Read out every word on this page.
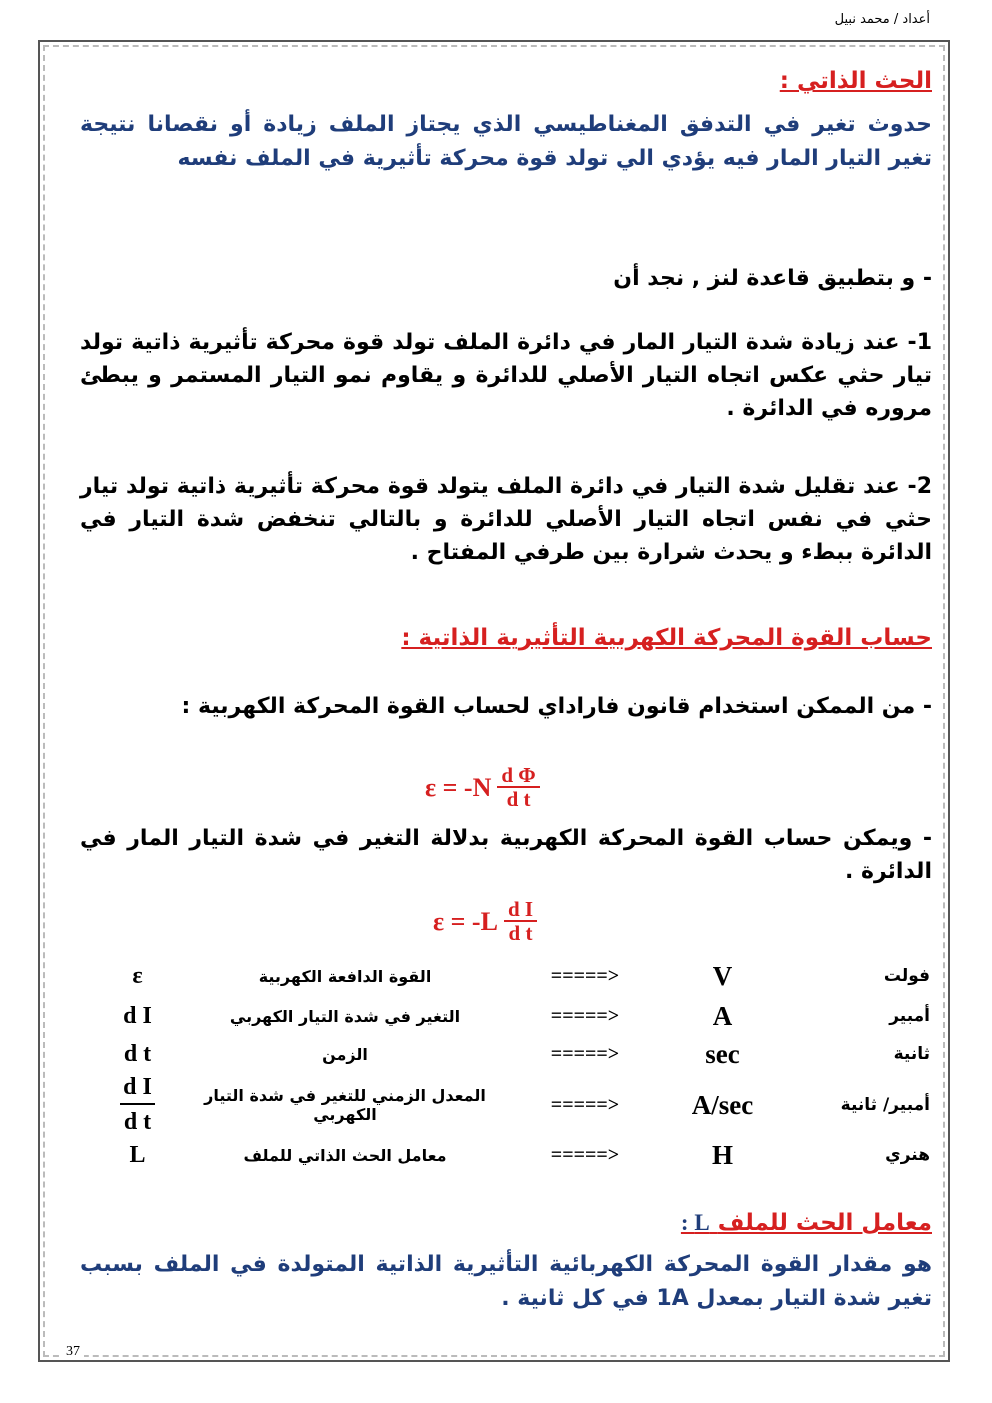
أعداد / محمد نبيل
الحث الذاتي :
حدوث تغير في التدفق المغناطيسي الذي يجتاز الملف زيادة أو نقصانا نتيجة تغير التيار المار فيه يؤدي الي تولد قوة محركة تأثيرية في الملف نفسه
- و بتطبيق قاعدة لنز , نجد أن
1- عند زيادة شدة التيار المار في دائرة الملف تولد قوة محركة تأثيرية ذاتية تولد تيار حثي عكس اتجاه التيار الأصلي للدائرة و يقاوم نمو التيار المستمر و يبطئ مروره في الدائرة .
2- عند تقليل شدة التيار في دائرة الملف يتولد قوة محركة تأثيرية ذاتية تولد تيار حثي في نفس اتجاه التيار الأصلي للدائرة و بالتالي تنخفض شدة التيار في الدائرة ببطء و يحدث شرارة بين طرفي المفتاح .
حساب القوة المحركة الكهربية التأثيرية الذاتية :
- من الممكن استخدام قانون فاراداي لحساب القوة المحركة الكهربية :
$\varepsilon = -N \frac{\text{d Φ}}{\text{d t}}$
- ويمكن حساب القوة المحركة الكهربية بدلالة التغير في شدة التيار المار في الدائرة .
$\varepsilon = -L \frac{\text{d I}}{\text{d t}}$
ε	القوة الدافعة الكهربية	=====>	V	فولت
d I	التغير في شدة التيار الكهربي	=====>	A	أمبير
d t	الزمن	=====>	sec	ثانية

$\frac{\text{d I}}{\text{d t}}$	المعدل الزمني للتغير في شدة التيار الكهربي	=====>	A/sec	أمبير/ ثانية
L	معامل الحث الذاتي للملف	=====>	H	هنري
معامل الحث للملف L :
هو مقدار القوة المحركة الكهربائية التأثيرية الذاتية المتولدة في الملف بسبب تغير شدة التيار بمعدل 1A في كل ثانية .
37
